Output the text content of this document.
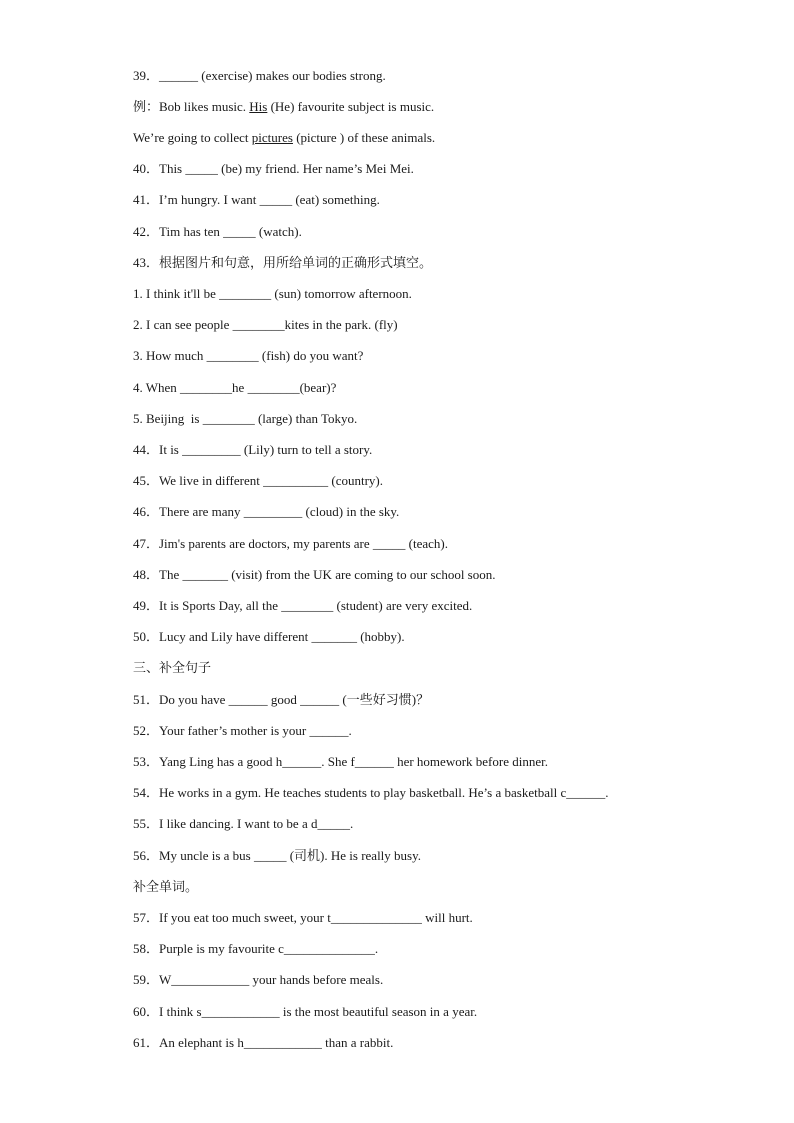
39．______ (exercise) makes our bodies strong.
例：Bob likes music. His (He) favourite subject is music.
We’re going to collect pictures (picture ) of these animals.
40．This _____ (be) my friend. Her name’s Mei Mei.
41．I’m hungry. I want _____ (eat) something.
42．Tim has ten _____ (watch).
43．根据图片和句意，用所给单词的正确形式填空。
1. I think it'll be ________ (sun) tomorrow afternoon.
2. I can see people ________kites in the park. (fly)
3. How much ________ (fish) do you want?
4. When ________he ________(bear)?
5. Beijing  is ________ (large) than Tokyo.
44．It is _________ (Lily) turn to tell a story.
45．We live in different __________ (country).
46．There are many _________ (cloud) in the sky.
47．Jim's parents are doctors, my parents are _____ (teach).
48．The _______ (visit) from the UK are coming to our school soon.
49．It is Sports Day, all the ________ (student) are very excited.
50．Lucy and Lily have different _______ (hobby).
三、补全句子
51．Do you have ______ good ______ (一些好习惯)？
52．Your father’s mother is your ______.
53．Yang Ling has a good h______. She f______ her homework before dinner.
54．He works in a gym. He teaches students to play basketball. He’s a basketball c______.
55．I like dancing. I want to be a d_____.
56．My uncle is a bus _____ (司机). He is really busy.
补全单词。
57．If you eat too much sweet, your t______________ will hurt.
58．Purple is my favourite c______________.
59．W____________ your hands before meals.
60．I think s____________ is the most beautiful season in a year.
61．An elephant is h____________ than a rabbit.
